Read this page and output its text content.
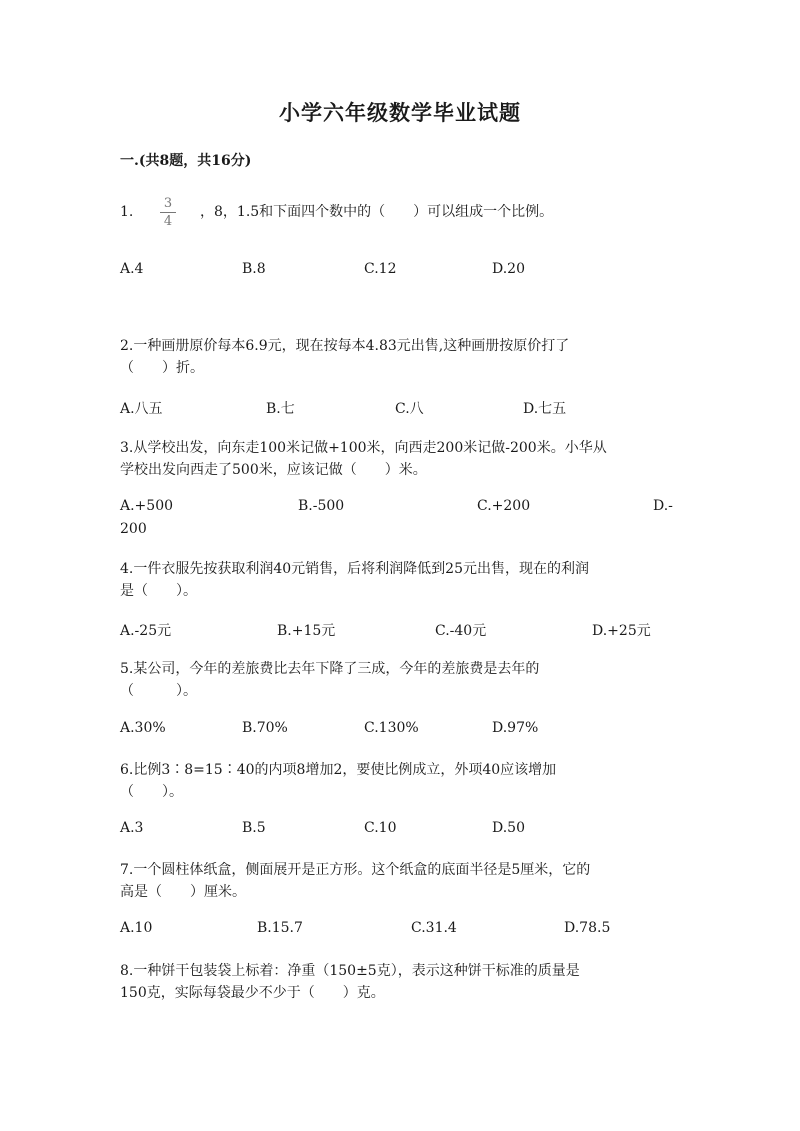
小学六年级数学毕业试题
一.(共8题，共16分)
1.
3
4
，8，1.5和下面四个数中的（　　）可以组成一个比例。
A.4	B.8	C.12	D.20
2.一种画册原价每本6.9元，现在按每本4.83元出售,这种画册按原价打了
（　　）折。
A.八五	B.七	C.八	D.七五
3.从学校出发，向东走100米记做+100米，向西走200米记做-200米。小华从
学校出发向西走了500米，应该记做（　　）米。
A.+500	B.-500	C.+200	D.-
200
4.一件衣服先按获取利润40元销售，后将利润降低到25元出售，现在的利润
是（　　）。
A.-25元	B.+15元	C.-40元	D.+25元
5.某公司，今年的差旅费比去年下降了三成，今年的差旅费是去年的
（　　　）。
A.30%	B.70%	C.130%	D.97%
6.比例3∶8=15∶40的内项8增加2，要使比例成立，外项40应该增加
（　　）。
A.3	B.5	C.10	D.50
7.一个圆柱体纸盒，侧面展开是正方形。这个纸盒的底面半径是5厘米，它的
高是（　　）厘米。
A.10	B.15.7	C.31.4	D.78.5
8.一种饼干包装袋上标着：净重（150±5克），表示这种饼干标准的质量是
150克，实际每袋最少不少于（　　）克。
